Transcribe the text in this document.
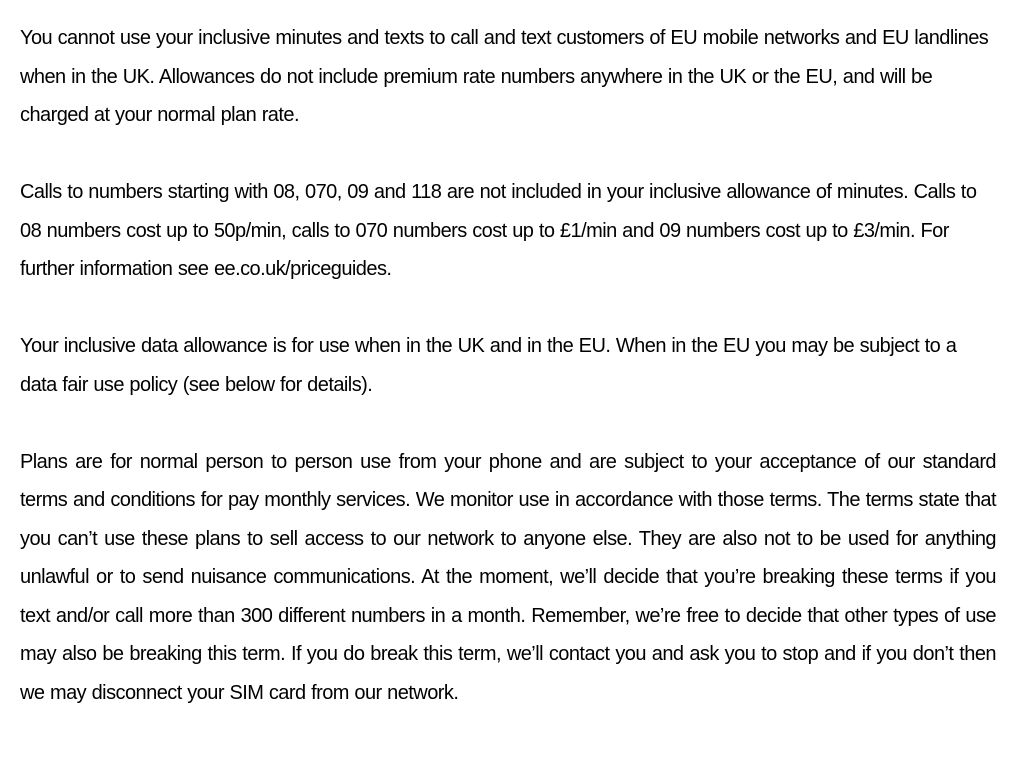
You cannot use your inclusive minutes and texts to call and text customers of EU mobile networks and EU landlines when in the UK. Allowances do not include premium rate numbers anywhere in the UK or the EU, and will be charged at your normal plan rate.

Calls to numbers starting with 08, 070, 09 and 118 are not included in your inclusive allowance of minutes. Calls to 08 numbers cost up to 50p/min, calls to 070 numbers cost up to £1/min and 09 numbers cost up to £3/min. For further information see ee.co.uk/priceguides.

Your inclusive data allowance is for use when in the UK and in the EU. When in the EU you may be subject to a data fair use policy (see below for details).

Plans are for normal person to person use from your phone and are subject to your acceptance of our standard terms and conditions for pay monthly services. We monitor use in accordance with those terms. The terms state that you can’t use these plans to sell access to our network to anyone else. They are also not to be used for anything unlawful or to send nuisance communications. At the moment, we’ll decide that you’re breaking these terms if you text and/or call more than 300 different numbers in a month. Remember, we’re free to decide that other types of use may also be breaking this term. If you do break this term, we’ll contact you and ask you to stop and if you don’t then we may disconnect your SIM card from our network.
